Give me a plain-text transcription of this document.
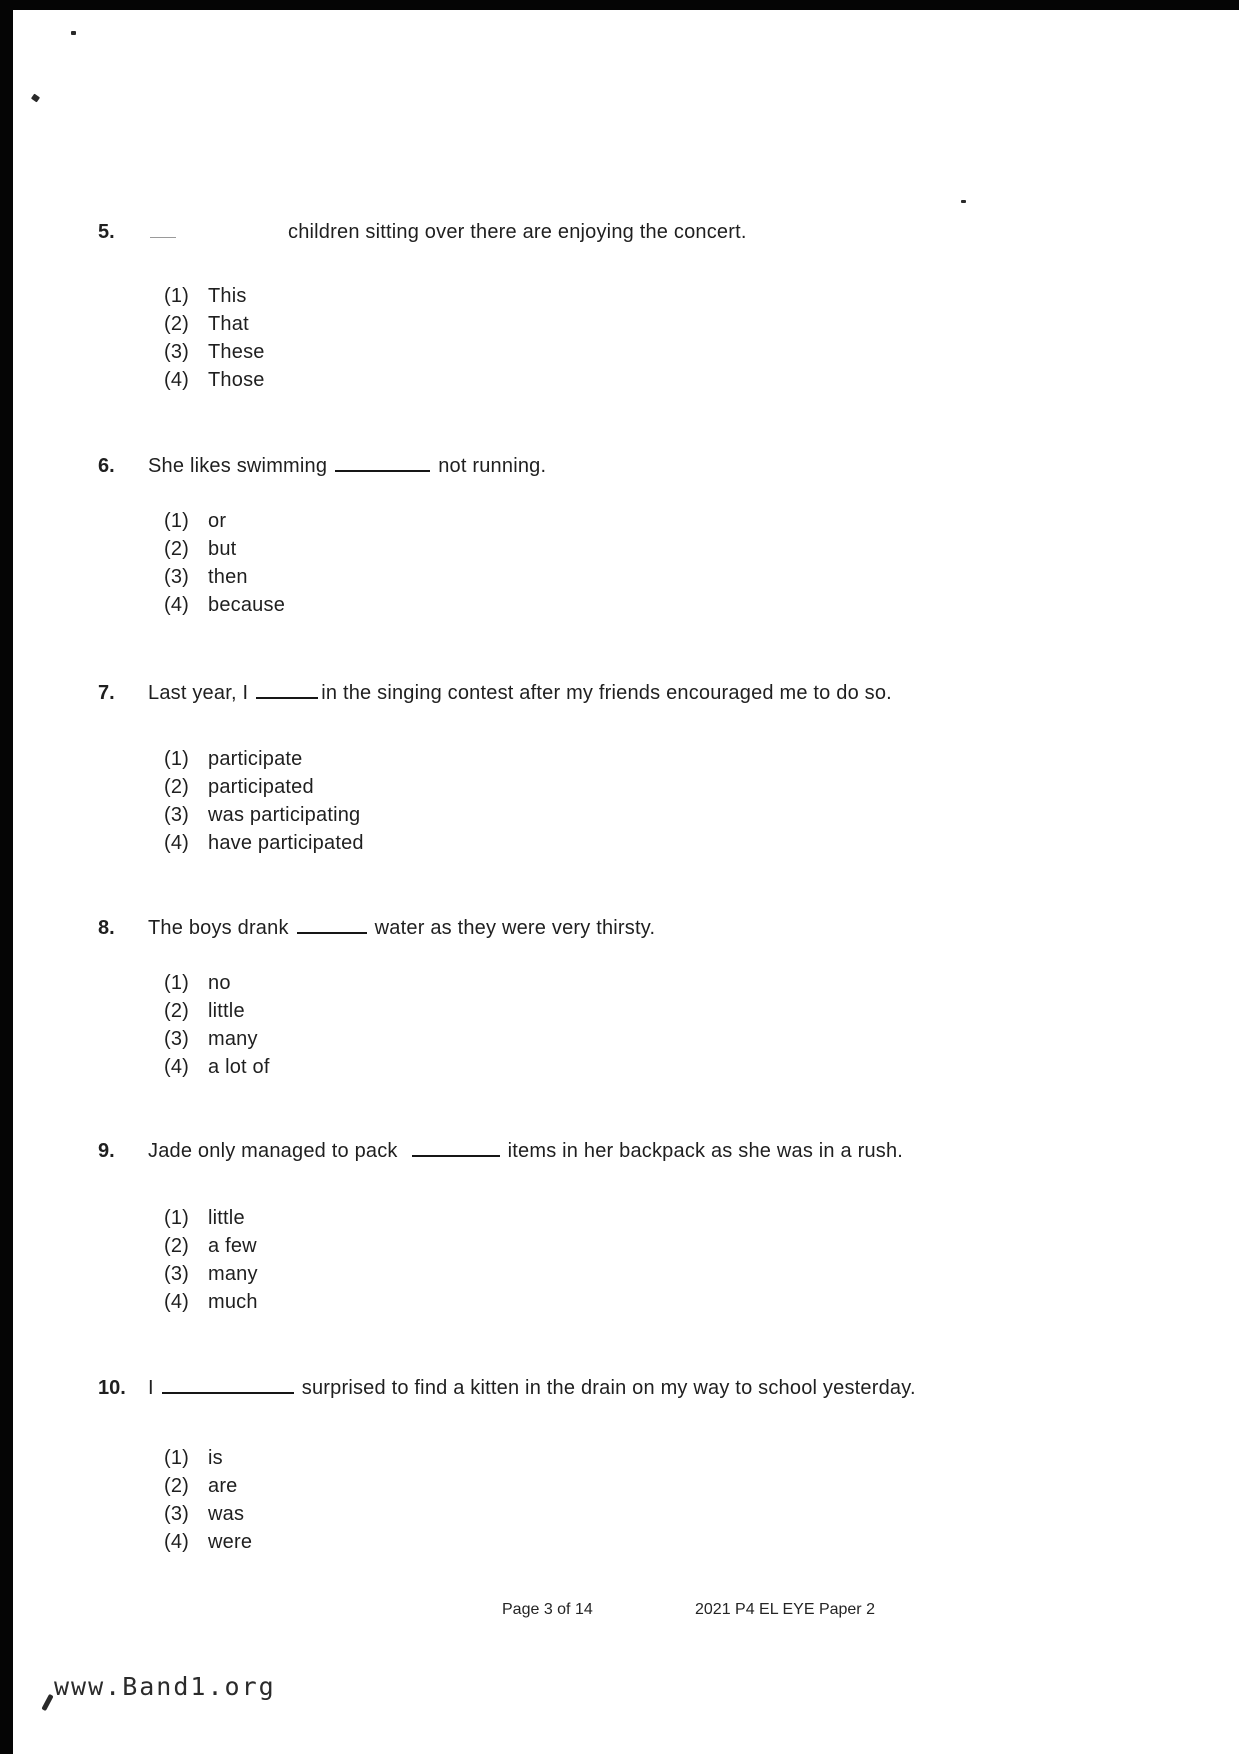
5.	children sitting over there are enjoying the concert.
(1) This
(2) That
(3) These
(4) Those
6.	She likes swimming	not running.
(1) or
(2) but
(3) then
(4) because
7.	Last year, I	in the singing contest after my friends encouraged me to do so.
(1) participate
(2) participated
(3) was participating
(4) have participated
8.	The boys drank	water as they were very thirsty.
(1) no
(2) little
(3) many
(4) a lot of
9.	Jade only managed to pack	items in her backpack as she was in a rush.
(1) little
(2) a few
(3) many
(4) much
10.	I	surprised to find a kitten in the drain on my way to school yesterday.
(1) is
(2) are
(3) was
(4) were
Page 3 of 14	2021 P4 EL EYE Paper 2
www.Band1.org
